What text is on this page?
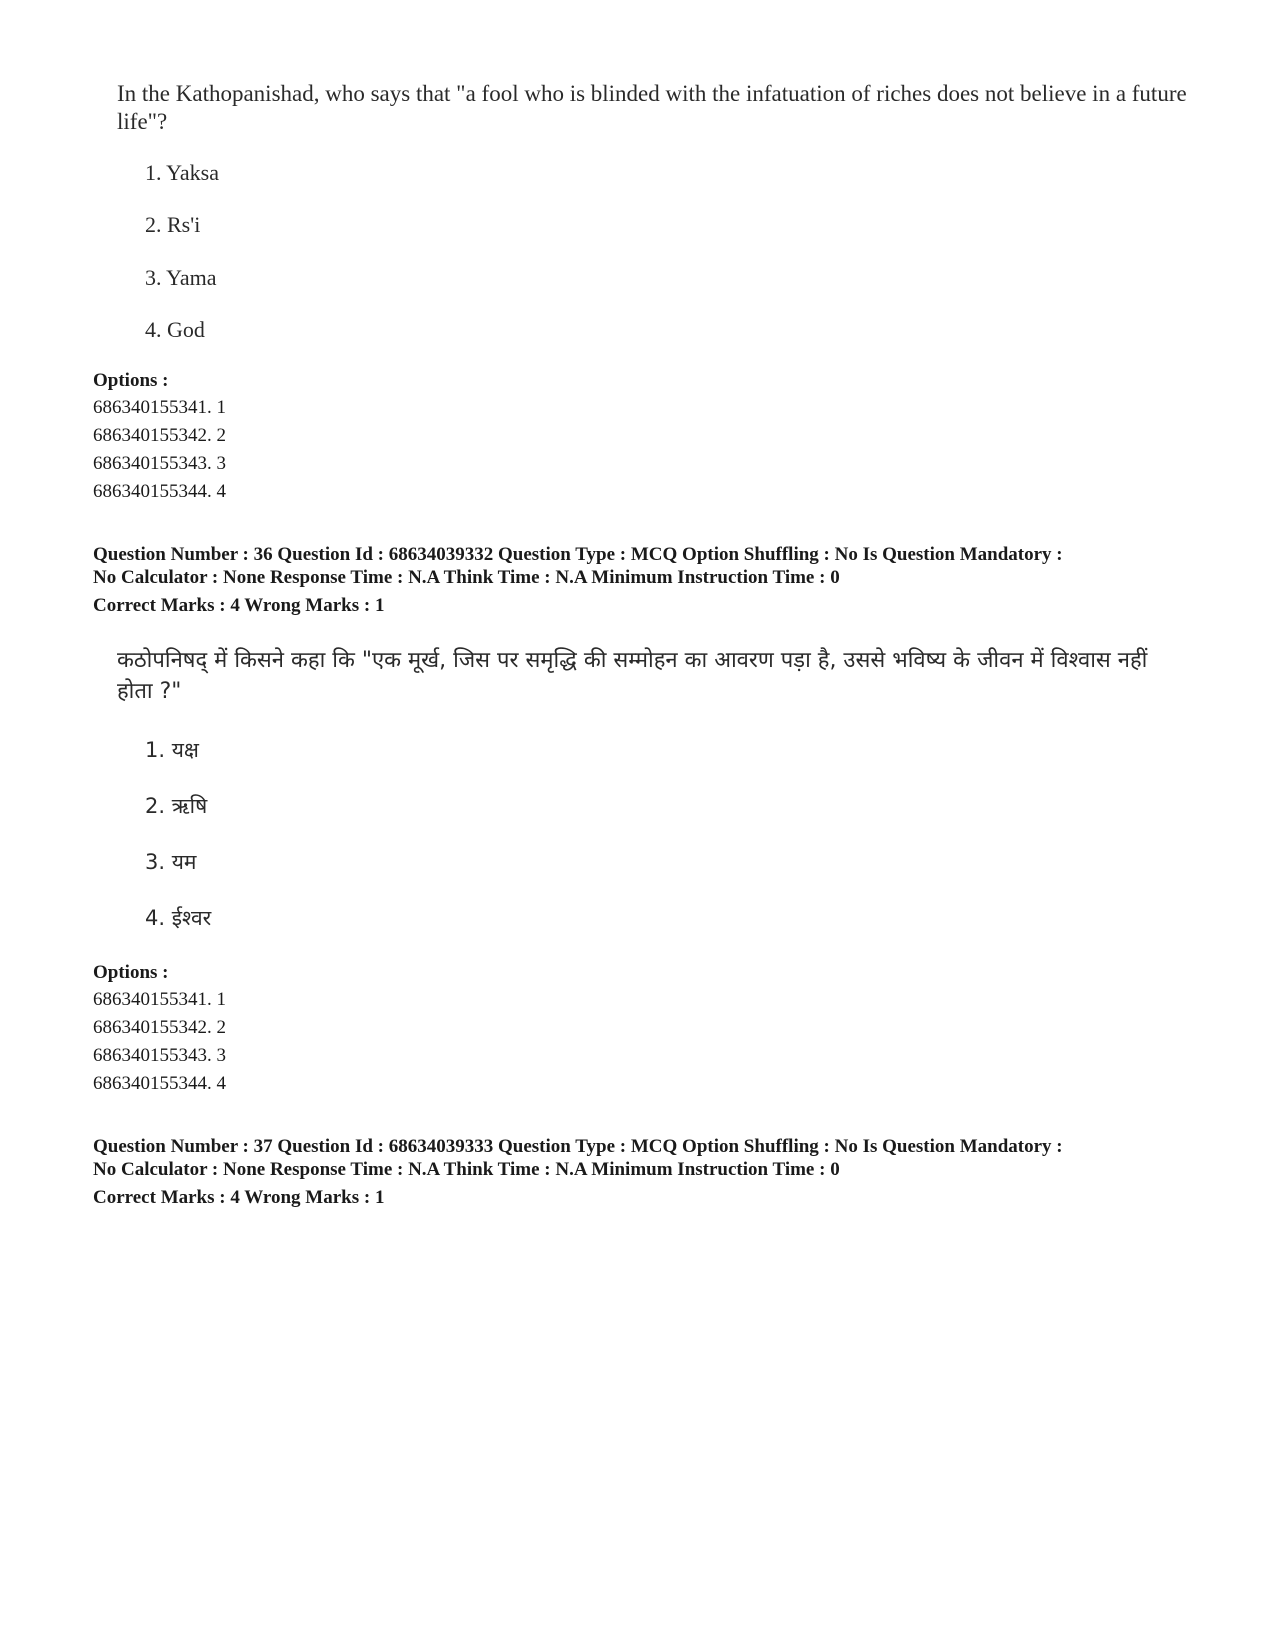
In the Kathopanishad, who says that "a fool who is blinded with the infatuation of riches does not believe in a future life"?
1. Yaksa
2. Rs'i
3. Yama
4. God
Options :
686340155341. 1
686340155342. 2
686340155343. 3
686340155344. 4
Question Number : 36 Question Id : 68634039332 Question Type : MCQ Option Shuffling : No Is Question Mandatory :
No Calculator : None Response Time : N.A Think Time : N.A Minimum Instruction Time : 0
Correct Marks : 4 Wrong Marks : 1
कठोपनिषद् में किसने कहा कि "एक मूर्ख, जिस पर समृद्धि की सम्मोहन का आवरण पड़ा है, उससे भविष्य के जीवन में विश्वास नहीं होता ?"
1. यक्ष
2. ऋषि
3. यम
4. ईश्वर
Options :
686340155341. 1
686340155342. 2
686340155343. 3
686340155344. 4
Question Number : 37 Question Id : 68634039333 Question Type : MCQ Option Shuffling : No Is Question Mandatory :
No Calculator : None Response Time : N.A Think Time : N.A Minimum Instruction Time : 0
Correct Marks : 4 Wrong Marks : 1
